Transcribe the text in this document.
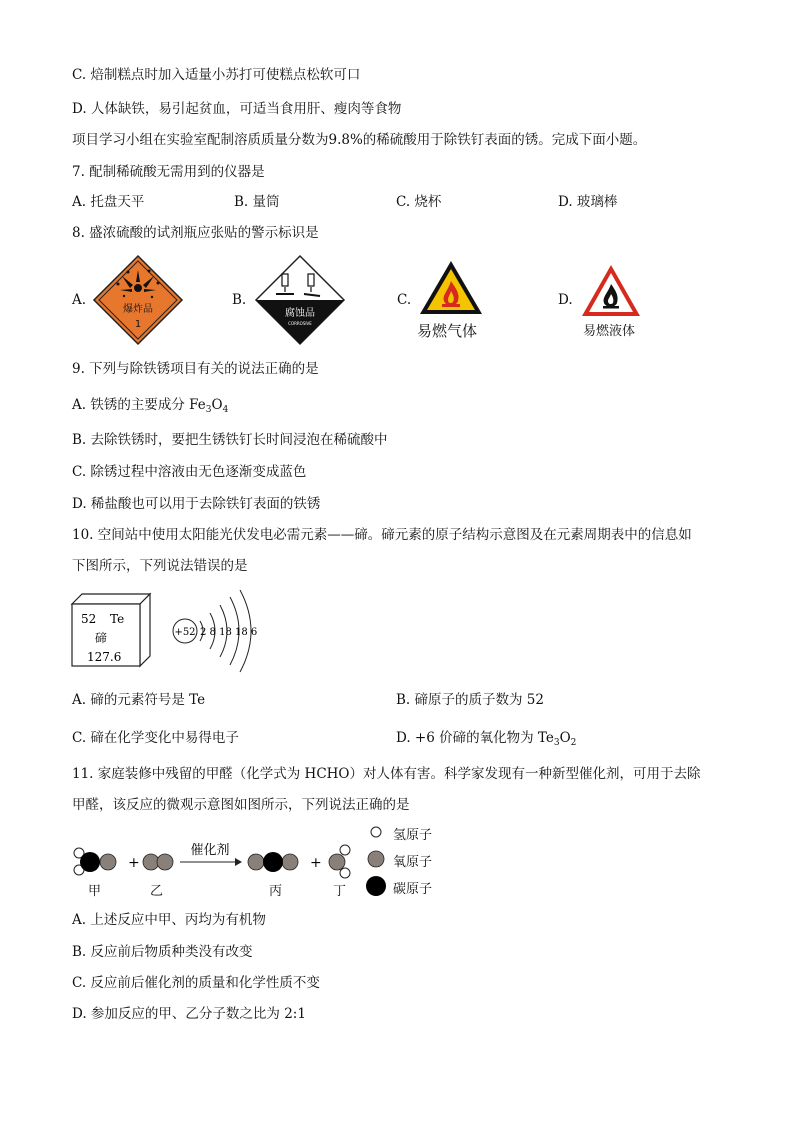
C. 焙制糕点时加入适量小苏打可使糕点松软可口
D. 人体缺铁，易引起贫血，可适当食用肝、瘦肉等食物
项目学习小组在实验室配制溶质质量分数为9.8%的稀硫酸用于除铁钉表面的锈。完成下面小题。
7. 配制稀硫酸无需用到的仪器是
A. 托盘天平	B. 量筒	C. 烧杯	D. 玻璃棒
8. 盛浓硫酸的试剂瓶应张贴的警示标识是
A.	B.	C.	D.
爆炸品
1
腐蚀品
CORROSIVE	易燃气体	易燃液体
9. 下列与除铁锈项目有关的说法正确的是
A. 铁锈的主要成分 $Fe_3O_4$
B. 去除铁锈时，要把生锈铁钉长时间浸泡在稀硫酸中
C. 除锈过程中溶液由无色逐渐变成蓝色
D. 稀盐酸也可以用于去除铁钉表面的铁锈
10. 空间站中使用太阳能光伏发电必需元素——碲。碲元素的原子结构示意图及在元素周期表中的信息如
下图所示，下列说法错误的是
52 Te
碲
127.6
+52 2 8 18 18 6
A. 碲的元素符号是 Te	B. 碲原子的质子数为 52
C. 碲在化学变化中易得电子	D. +6 价碲的氧化物为 $Te_3O_2$
11. 家庭装修中残留的甲醛（化学式为 HCHO）对人体有害。科学家发现有一种新型催化剂，可用于去除
甲醛，该反应的微观示意图如图所示，下列说法正确的是
+
催化剂
+
甲	乙	丙	丁
氢原子
氧原子
碳原子
A. 上述反应中甲、丙均为有机物
B. 反应前后物质种类没有改变
C. 反应前后催化剂的质量和化学性质不变
D. 参加反应的甲、乙分子数之比为 2:1
